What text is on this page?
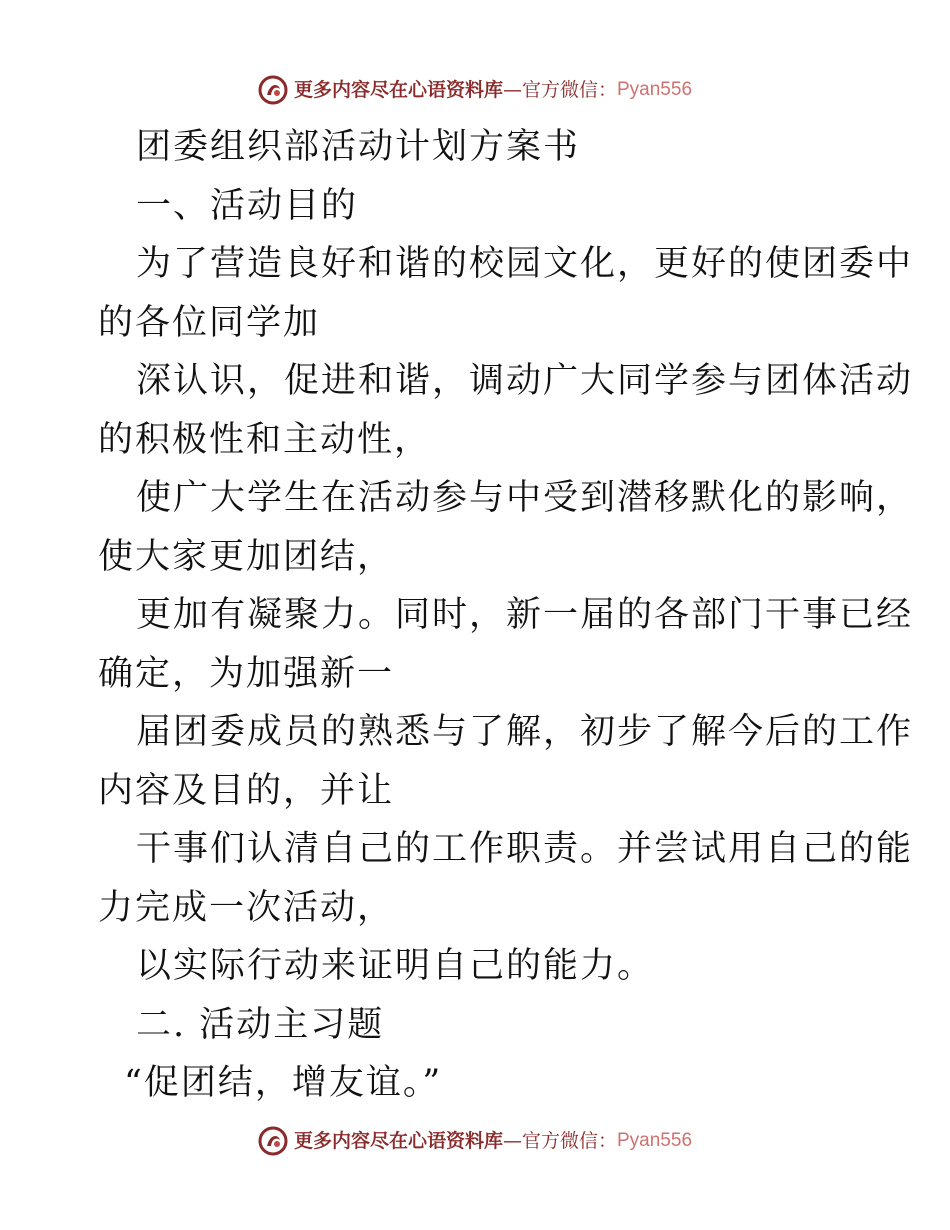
更多内容尽在心语资料库 — 官方微信： Pyan556
团委组织部活动计划方案书
一、活动目的
为了营造良好和谐的校园文化，更好的使团委中
的各位同学加
深认识，促进和谐，调动广大同学参与团体活动
的积极性和主动性，
使广大学生在活动参与中受到潜移默化的影响，
使大家更加团结，
更加有凝聚力。同时，新一届的各部门干事已经
确定，为加强新一
届团委成员的熟悉与了解，初步了解今后的工作
内容及目的，并让
干事们认清自己的工作职责。并尝试用自己的能
力完成一次活动，
以实际行动来证明自己的能力。
二. 活动主习题
“促团结，增友谊。”
更多内容尽在心语资料库 — 官方微信： Pyan556
